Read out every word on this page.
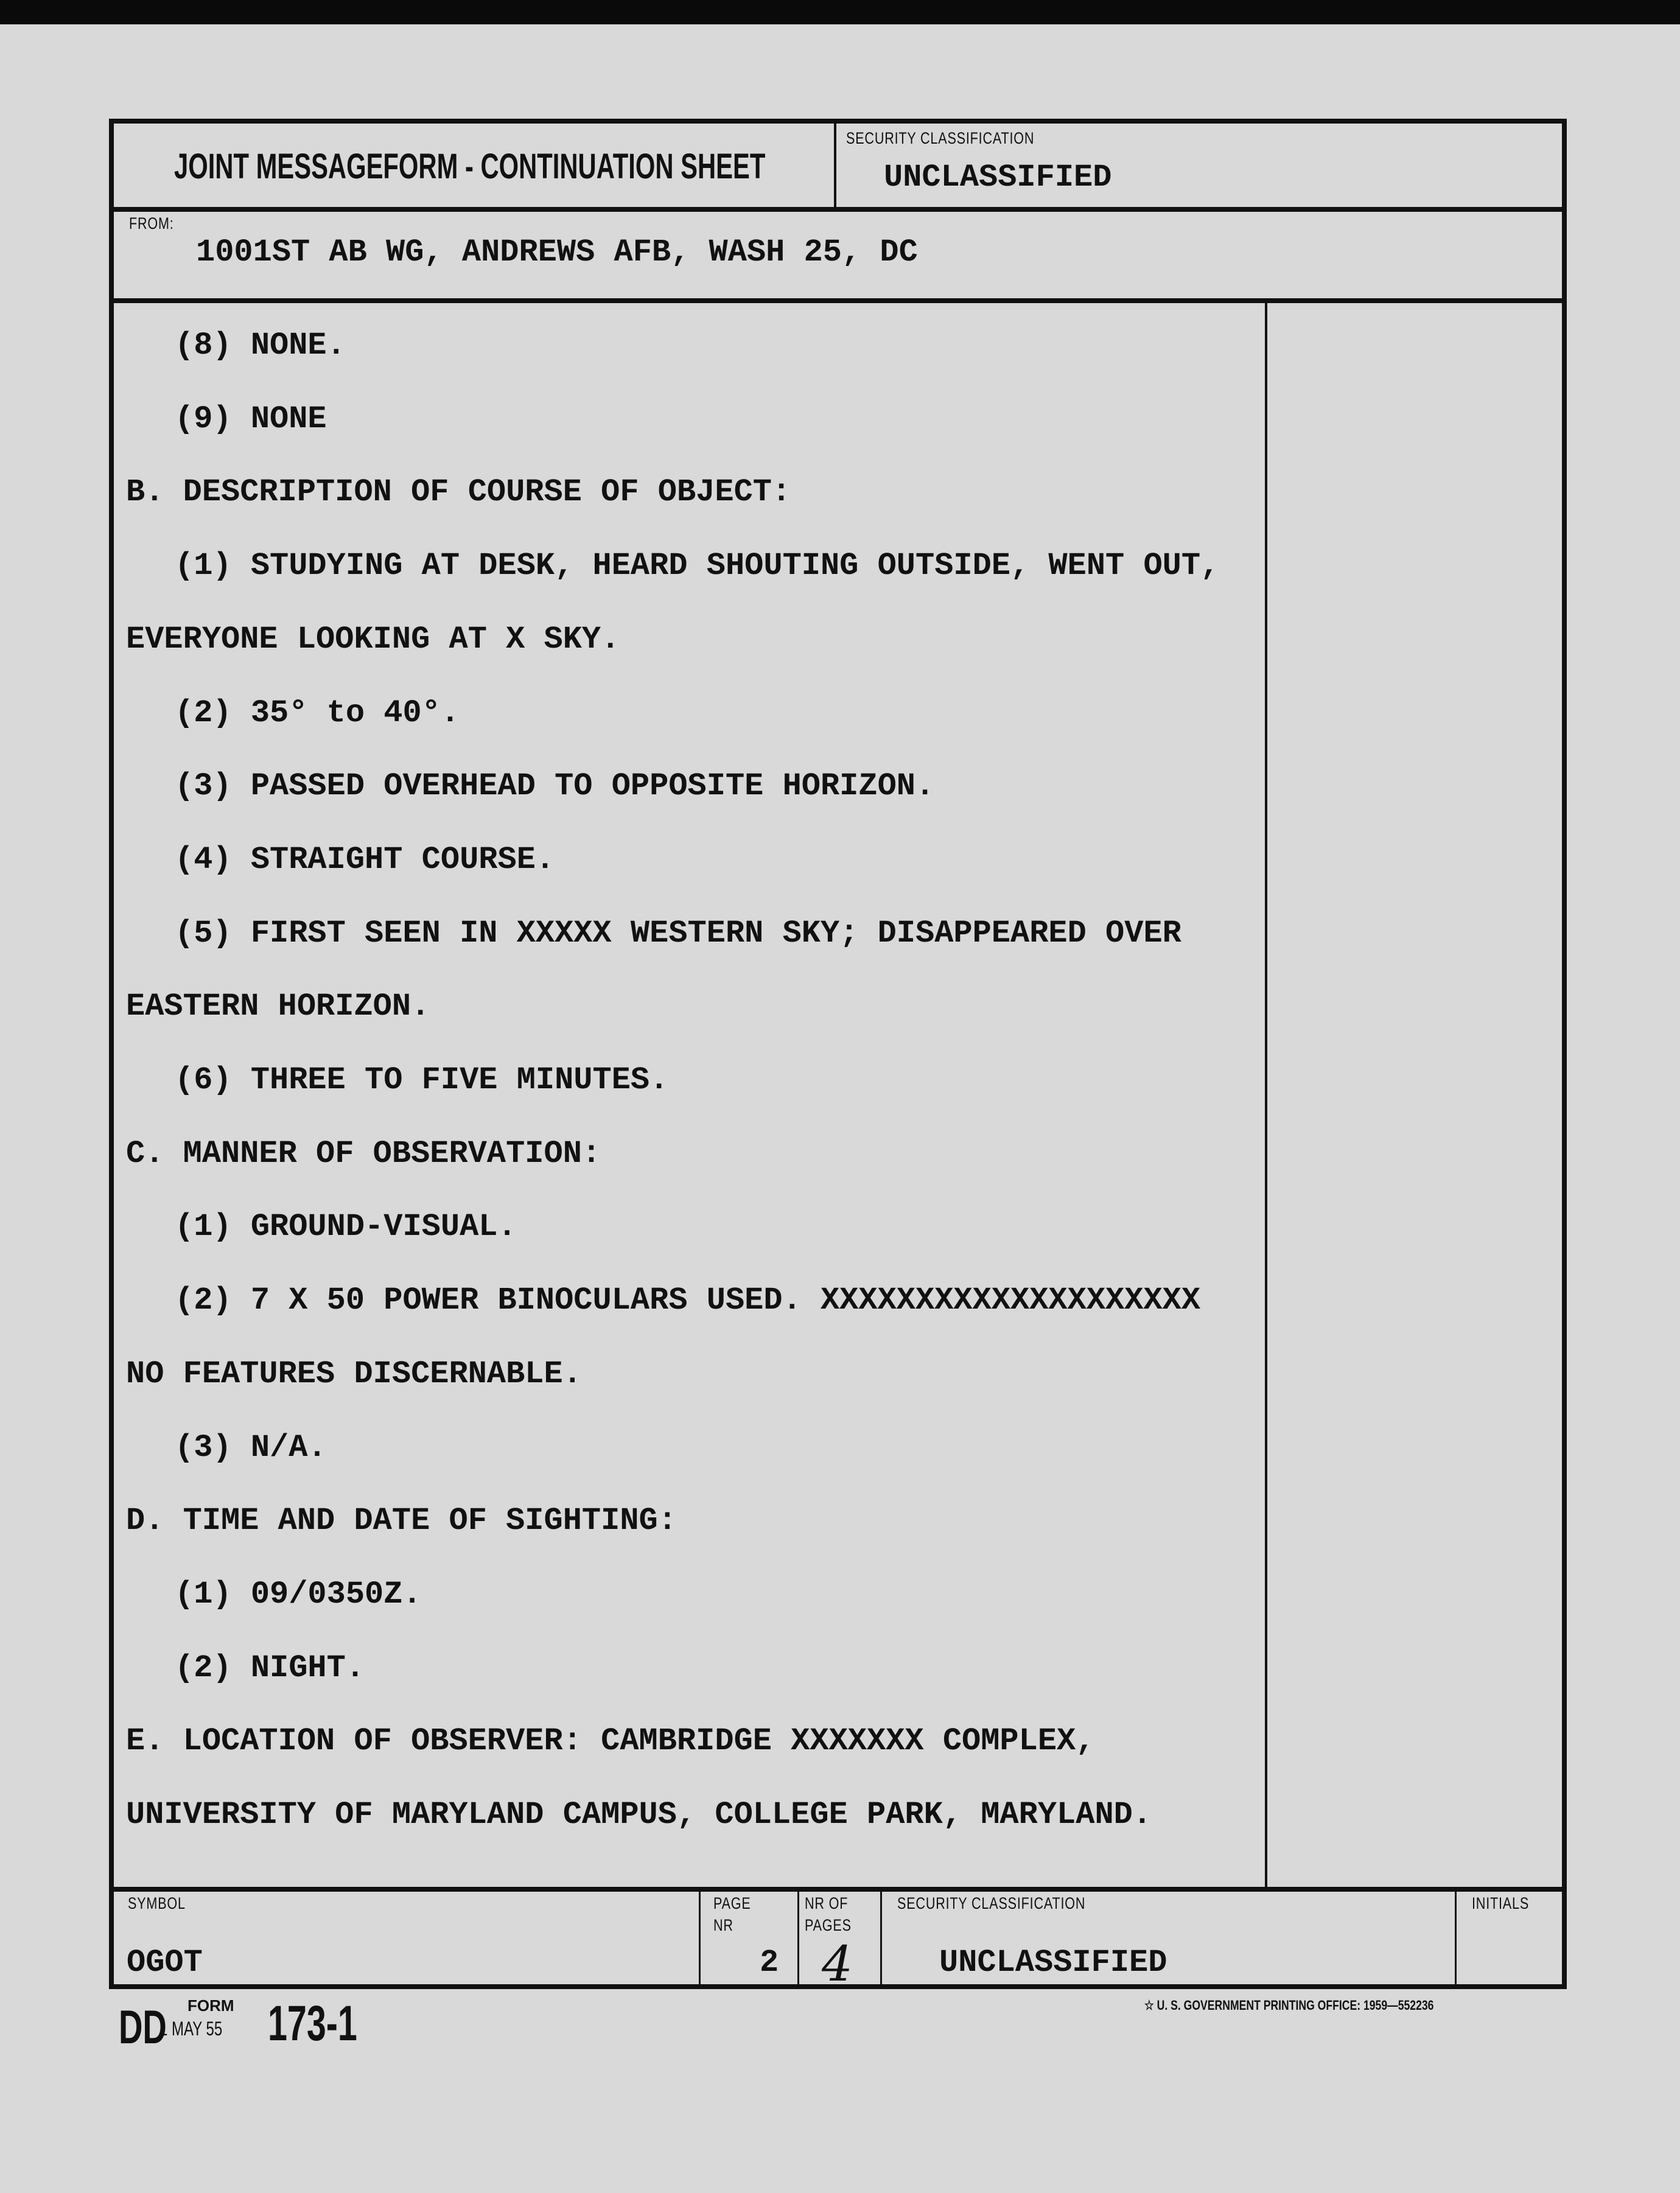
JOINT MESSAGEFORM - CONTINUATION SHEET
SECURITY CLASSIFICATION
UNCLASSIFIED
FROM:
1001ST AB WG, ANDREWS AFB, WASH 25, DC
(8) NONE.
(9) NONE
B. DESCRIPTION OF COURSE OF OBJECT:
(1) STUDYING AT DESK, HEARD SHOUTING OUTSIDE, WENT OUT,
EVERYONE LOOKING AT X SKY.
(2) 35° to 40°.
(3) PASSED OVERHEAD TO OPPOSITE HORIZON.
(4) STRAIGHT COURSE.
(5) FIRST SEEN IN XXXXX WESTERN SKY; DISAPPEARED OVER
EASTERN HORIZON.
(6) THREE TO FIVE MINUTES.
C. MANNER OF OBSERVATION:
(1) GROUND-VISUAL.
(2) 7 X 50 POWER BINOCULARS USED. XXXXXXXXXXXXXXXXXXXX
NO FEATURES DISCERNABLE.
(3) N/A.
D. TIME AND DATE OF SIGHTING:
(1) 09/0350Z.
(2) NIGHT.
E. LOCATION OF OBSERVER: CAMBRIDGE XXXXXXX COMPLEX,
UNIVERSITY OF MARYLAND CAMPUS, COLLEGE PARK, MARYLAND.
SYMBOL
OGOT
PAGE
NR
2
NR OF
PAGES
4
SECURITY CLASSIFICATION
UNCLASSIFIED
INITIALS
DD FORM
1 MAY 55 173-1	☆ U. S. GOVERNMENT PRINTING OFFICE: 1959—552236
